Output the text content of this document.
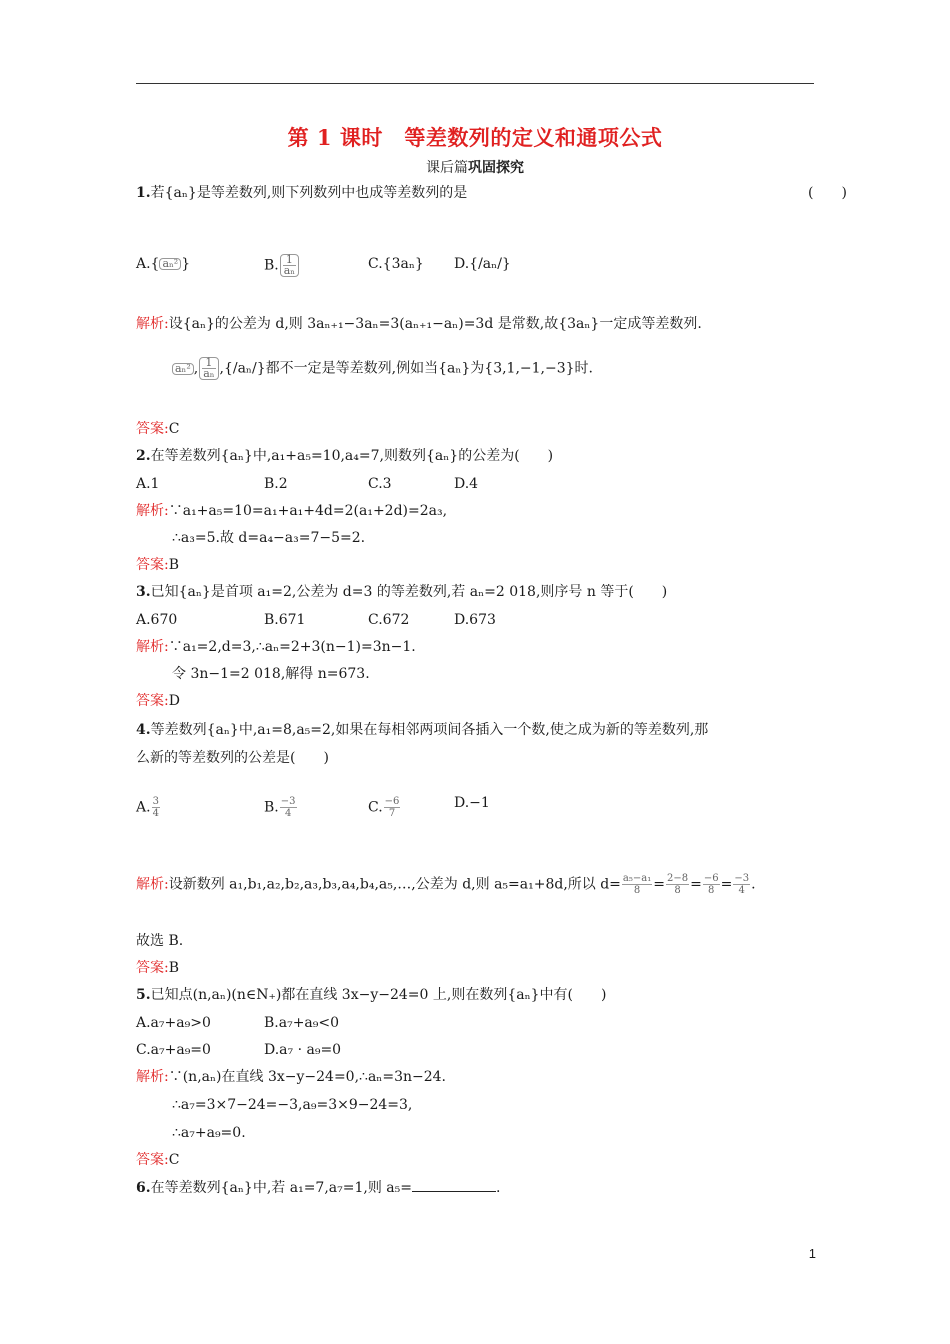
第 1 课时　等差数列的定义和通项公式
课后篇巩固探究
1.若{aₙ}是等差数列,则下列数列中也成等差数列的是	(　　)
A.{ aₙ² }	B. $\frac{1}{\text{aₙ}}$	C.{3aₙ} D.{/aₙ/}
解析:设{aₙ}的公差为 d,则 3aₙ₊₁−3aₙ=3(aₙ₊₁−aₙ)=3d 是常数,故{3aₙ}一定成等差数列.
aₙ² , $\frac{1}{\text{aₙ}} ,\{/a_n/\}$都不一定是等差数列,例如当{aₙ}为{3,1,−1,−3}时.
答案:C
2.在等差数列{aₙ}中,a₁+a₅=10,a₄=7,则数列{aₙ}的公差为(　　)
A.1	B.2	C.3	D.4
解析:∵a₁+a₅=10=a₁+a₁+4d=2(a₁+2d)=2a₃,
∴a₃=5.故 d=a₄−a₃=7−5=2.
答案:B
3.已知{aₙ}是首项 a₁=2,公差为 d=3 的等差数列,若 aₙ=2 018,则序号 n 等于(　　)
A.670	B.671	C.672	D.673
解析:∵a₁=2,d=3,∴aₙ=2+3(n−1)=3n−1.
令 3n−1=2 018,解得 n=673.
答案:D
4.等差数列{aₙ}中,a₁=8,a₅=2,如果在每相邻两项间各插入一个数,使之成为新的等差数列,那
么新的等差数列的公差是(　　)
A. $\frac{3}{4}$	B. $\frac{-3}{4}$	C. $\frac{-6}{7}$	D.−1
解析:设新数列 a₁,b₁,a₂,b₂,a₃,b₃,a₄,b₄,a₅,…,公差为 d,则 a₅=a₁+8d,所以 $d= \frac{\text{a₅−a₁}}{8} = \frac{2-8}{8} = \frac{-6}{8} = \frac{-3}{4}$ .
故选 B.
答案:B
5.已知点(n,aₙ)(n∈N₊)都在直线 3x−y−24=0 上,则在数列{aₙ}中有(　　)
A.a₇+a₉>0	B.a₇+a₉<0
C.a₇+a₉=0	D.a₇ · a₉=0
解析:∵(n,aₙ)在直线 3x−y−24=0,∴aₙ=3n−24.
∴a₇=3×7−24=−3,a₉=3×9−24=3,
∴a₇+a₉=0.
答案:C
6.在等差数列{aₙ}中,若 a₁=7,a₇=1,则 a₅=	.
1
